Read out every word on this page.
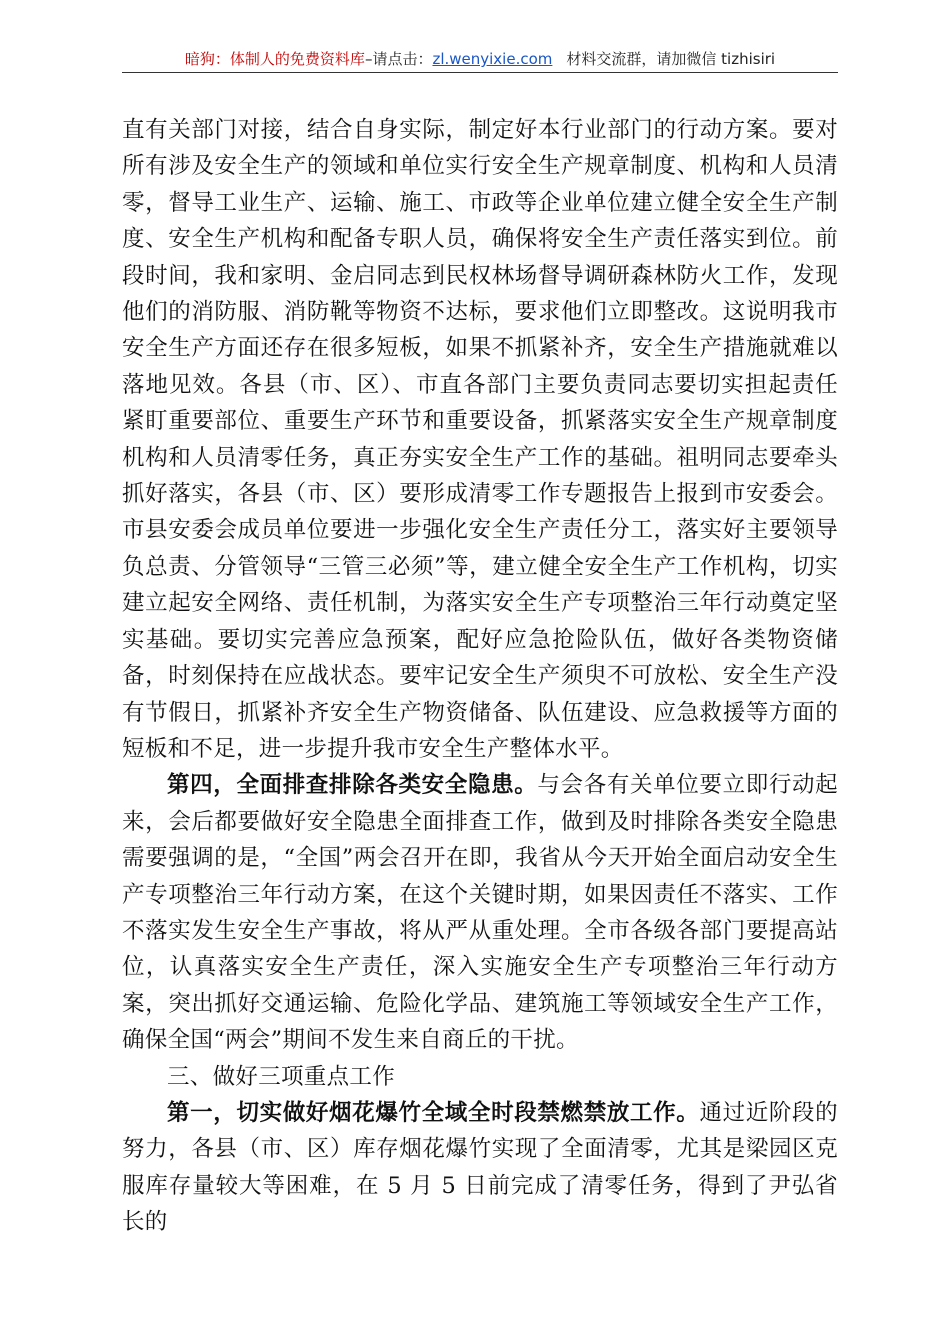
暗狗：体制人的免费资料库–请点击：zl.wenyixie.com 材料交流群，请加微信 tizhisiri

直有关部门对接，结合自身实际，制定好本行业部门的行动方案。要对所有涉及安全生产的领域和单位实行安全生产规章制度、机构和人员清零，督导工业生产、运输、施工、市政等企业单位建立健全安全生产制度、安全生产机构和配备专职人员，确保将安全生产责任落实到位。前段时间，我和家明、金启同志到民权林场督导调研森林防火工作，发现他们的消防服、消防靴等物资不达标，要求他们立即整改。这说明我市安全生产方面还存在很多短板，如果不抓紧补齐，安全生产措施就难以落地见效。各县（市、区）、市直各部门主要负责同志要切实担起责任紧盯重要部位、重要生产环节和重要设备，抓紧落实安全生产规章制度机构和人员清零任务，真正夯实安全生产工作的基础。祖明同志要牵头抓好落实，各县（市、区）要形成清零工作专题报告上报到市安委会。市县安委会成员单位要进一步强化安全生产责任分工，落实好主要领导负总责、分管领导“三管三必须”等，建立健全安全生产工作机构，切实建立起安全网络、责任机制，为落实安全生产专项整治三年行动奠定坚实基础。要切实完善应急预案，配好应急抢险队伍，做好各类物资储备，时刻保持在应战状态。要牢记安全生产须臾不可放松、安全生产没有节假日，抓紧补齐安全生产物资储备、队伍建设、应急救援等方面的短板和不足，进一步提升我市安全生产整体水平。

第四，全面排查排除各类安全隐患。与会各有关单位要立即行动起来，会后都要做好安全隐患全面排查工作，做到及时排除各类安全隐患需要强调的是，“全国”两会召开在即，我省从今天开始全面启动安全生产专项整治三年行动方案，在这个关键时期，如果因责任不落实、工作不落实发生安全生产事故，将从严从重处理。全市各级各部门要提高站位，认真落实安全生产责任，深入实施安全生产专项整治三年行动方案，突出抓好交通运输、危险化学品、建筑施工等领域安全生产工作，确保全国“两会”期间不发生来自商丘的干扰。

三、做好三项重点工作

第一，切实做好烟花爆竹全域全时段禁燃禁放工作。通过近阶段的努力，各县（市、区）库存烟花爆竹实现了全面清零，尤其是梁园区克服库存量较大等困难，在 5 月 5 日前完成了清零任务，得到了尹弘省长的
